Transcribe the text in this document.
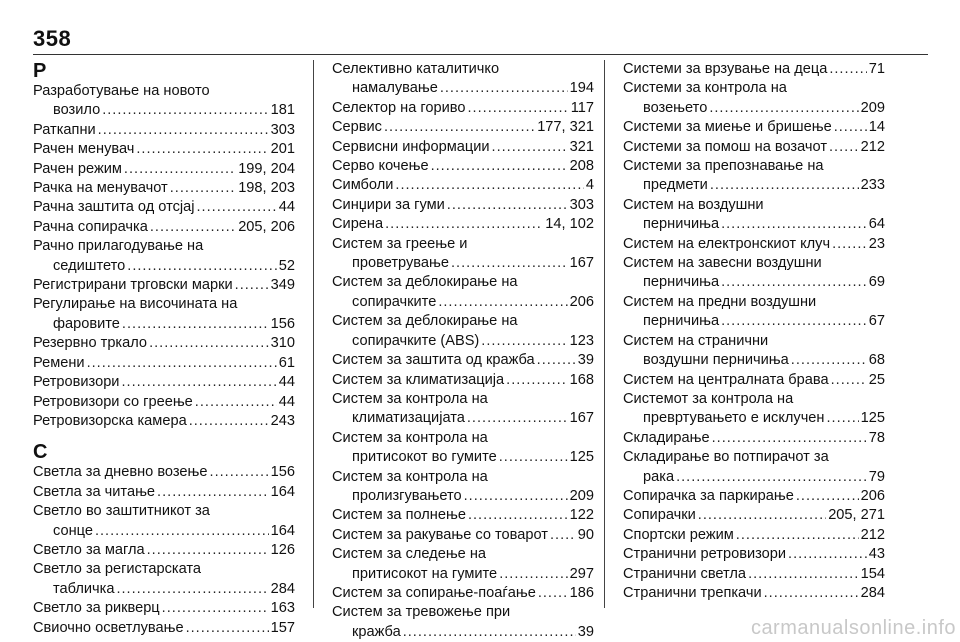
358
Р
Разработување на новото
возило .....	181
Раткапни .....	303
Рачен менувач .....	201
Рачен режим .....	199, 204
Рачка на менувачот .....	198, 203
Рачна заштита од отсјај .....	44
Рачна сопирачка .....	205, 206
Рачно прилагодување на
седиштето .....	52
Регистрирани трговски марки .....	349
Регулирање на височината на
фаровите .....	156
Резервно тркало .....	310
Ремени .....	61
Ретровизори .....	44
Ретровизори со греење .....	44
Ретровизорска камера .....	243
С
Светла за дневно возење .....	156
Светла за читање .....	164
Светло во заштитникот за
сонце .....	164
Светло за магла .....	126
Светло за регистарската
табличка .....	284
Светло за рикверц .....	163
Свиочно осветлување .....	157
Селективно каталитичко
намалување .....	194
Селектор на гориво .....	117
Сервис .....	177, 321
Сервисни информации .....	321
Серво кочење .....	208
Симболи .....	4
Синџири за гуми .....	303
Сирена .....	14, 102
Систем за греење и
проветрување .....	167
Систем за деблокирање на
сопирачките .....	206
Систем за деблокирање на
сопирачките (ABS) .....	123
Систем за заштита од кражба .....	39
Систем за климатизација .....	168
Систем за контрола на
климатизацијата .....	167
Систем за контрола на
притисокот во гумите .....	125
Систем за контрола на
пролизгувањето .....	209
Систем за полнење .....	122
Систем за ракување со товарот ..... 90
Систем за следење на
притисокот на гумите .....	297
Систем за сопирање-поаѓање ..... 186
Систем за тревожење при
кражба .....	39
Системи за врзување на деца .....	71
Системи за контрола на
возењето .....	209
Системи за миење и бришење .....	14
Системи за помош на возачот ..... 212
Системи за препознавање на
предмети .....	233
Систем на воздушни
перничиња .....	64
Систем на електронскиот клуч .....	23
Систем на завесни воздушни
перничиња .....	69
Систем на предни воздушни
перничиња .....	67
Систем на странични
воздушни перничиња .....	68
Систем на централната брава .....	25
Системот за контрола на
превртувањето е исклучен ..... 125
Складирање .....	78
Складирање во потпирачот за
рака .....	79
Сопирачка за паркирање .....	206
Сопирачки .....	205, 271
Спортски режим .....	212
Странични ретровизори .....	43
Странични светла .....	154
Странични трепкачи .....	284
carmanualsonline.info
